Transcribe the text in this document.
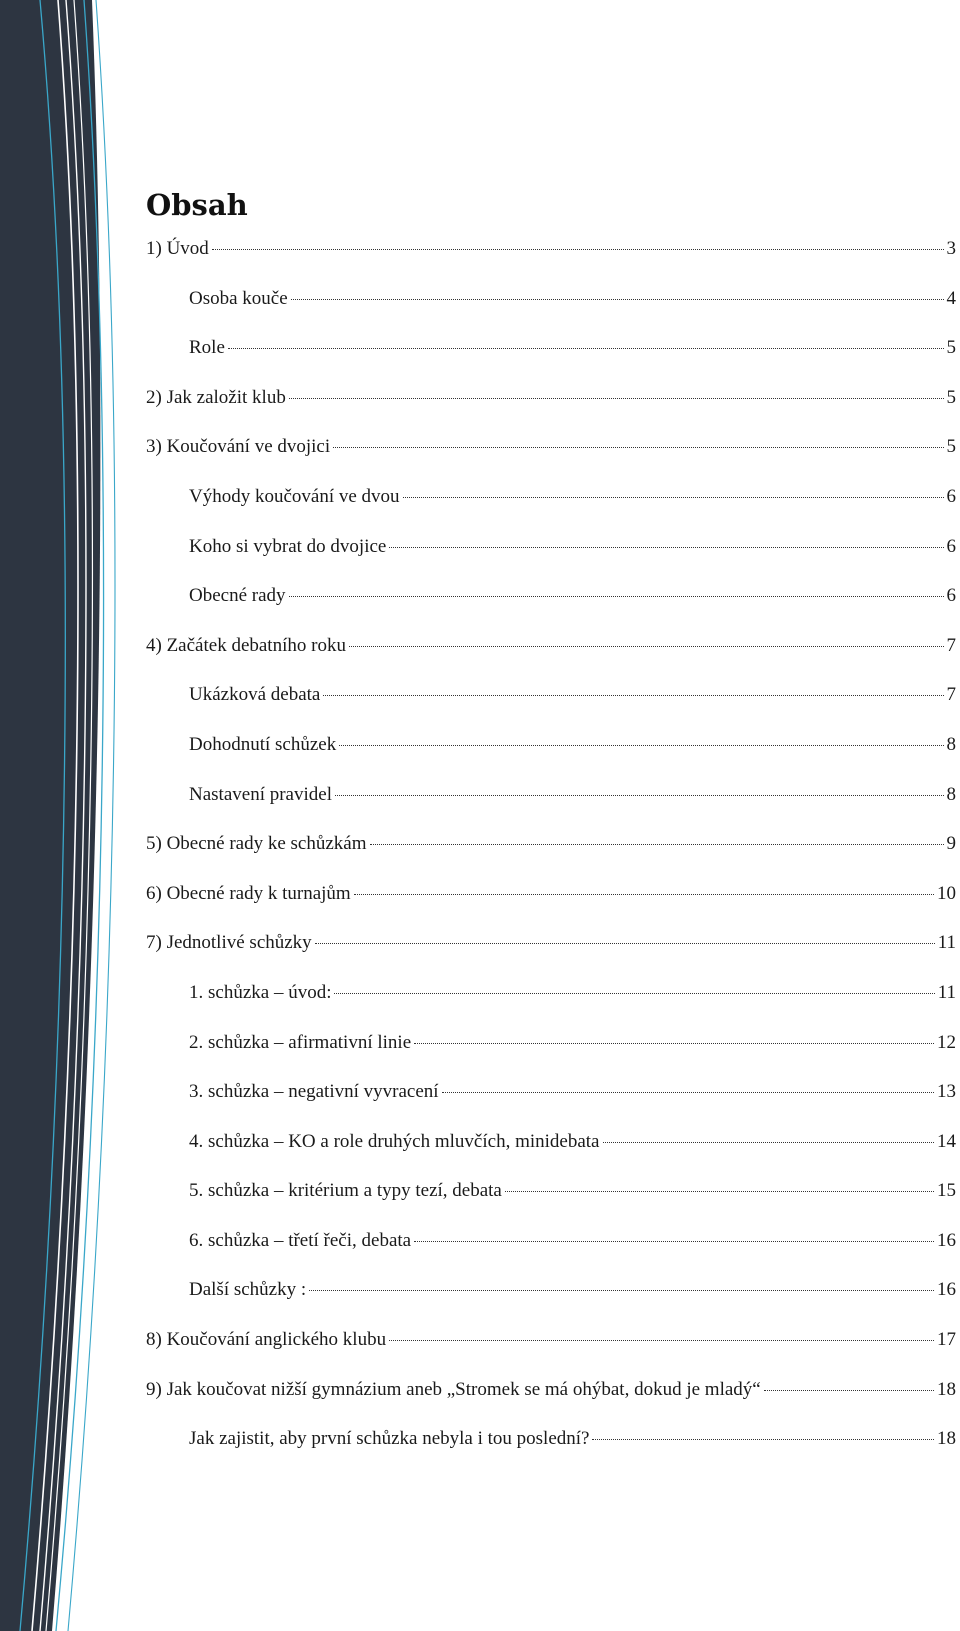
Obsah
1) Úvod	3
Osoba kouče	4
Role	5
2) Jak založit klub	5
3) Koučování ve dvojici	5
Výhody koučování ve dvou	6
Koho si vybrat do dvojice	6
Obecné rady	6
4) Začátek debatního roku	7
Ukázková debata	7
Dohodnutí schůzek	8
Nastavení pravidel	8
5) Obecné rady ke schůzkám	9
6) Obecné rady k turnajům	10
7) Jednotlivé schůzky	11
1. schůzka – úvod:	11
2. schůzka – afirmativní linie	12
3. schůzka – negativní vyvracení	13
4. schůzka – KO a role druhých mluvčích, minidebata	14
5. schůzka – kritérium a typy tezí, debata	15
6. schůzka – třetí řeči, debata	16
Další schůzky :	16
8) Koučování anglického klubu	17
9) Jak koučovat nižší gymnázium aneb „Stromek se má ohýbat, dokud je mladý“	18
Jak zajistit, aby první schůzka nebyla i tou poslední?	18
